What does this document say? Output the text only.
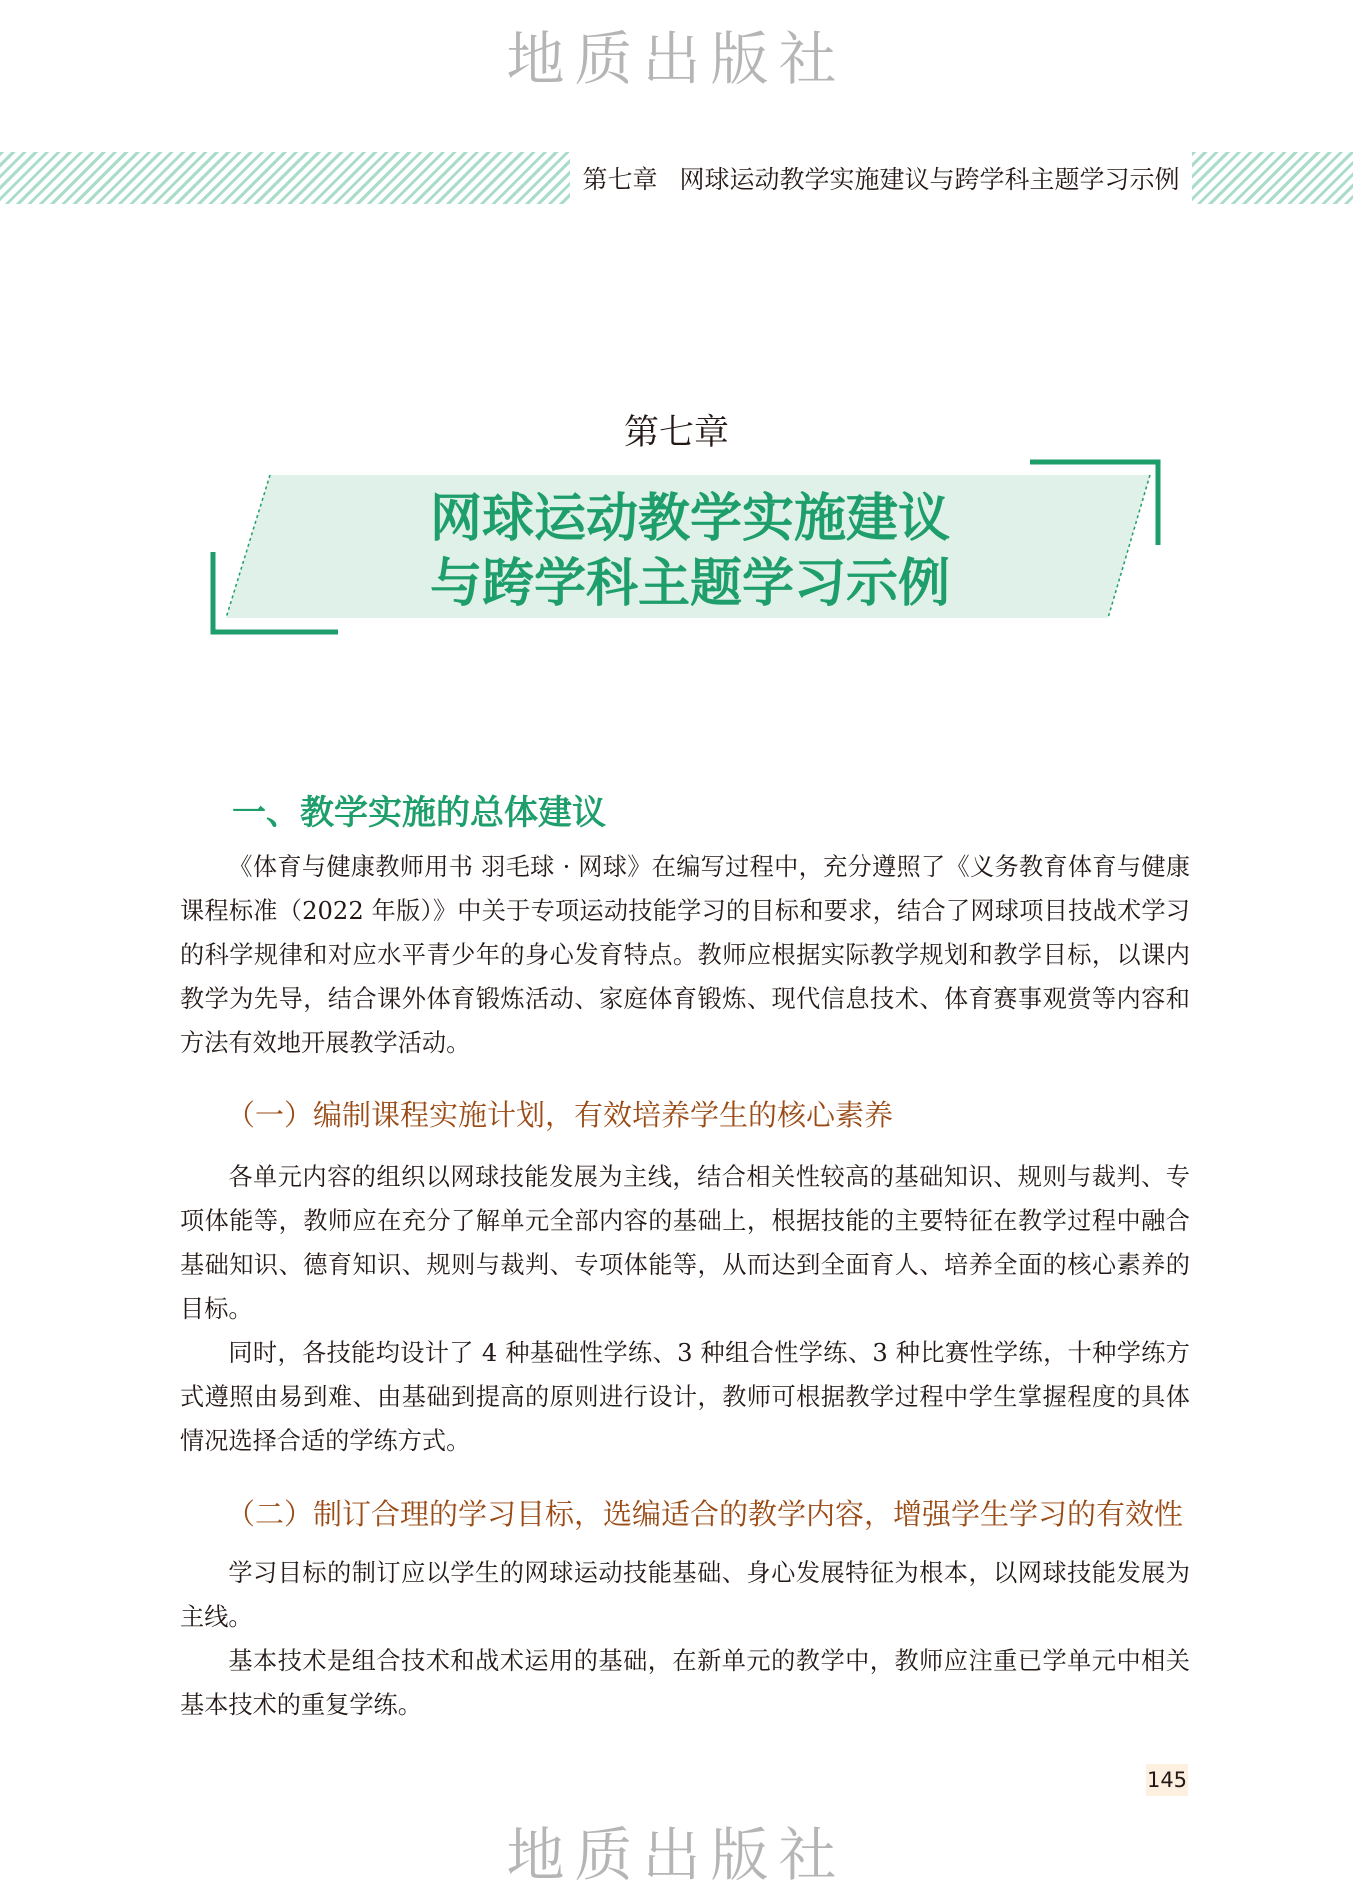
地质出版社
第七章 网球运动教学实施建议与跨学科主题学习示例
第七章
网球运动教学实施建议
与跨学科主题学习示例
一、教学实施的总体建议

《体育与健康教师用书 羽毛球 · 网球》在编写过程中，充分遵照了《义务教育体育与健康课程标准（2022 年版）》中关于专项运动技能学习的目标和要求，结合了网球项目技战术学习的科学规律和对应水平青少年的身心发育特点。教师应根据实际教学规划和教学目标，以课内教学为先导，结合课外体育锻炼活动、家庭体育锻炼、现代信息技术、体育赛事观赏等内容和方法有效地开展教学活动。

（一）编制课程实施计划，有效培养学生的核心素养

各单元内容的组织以网球技能发展为主线，结合相关性较高的基础知识、规则与裁判、专项体能等，教师应在充分了解单元全部内容的基础上，根据技能的主要特征在教学过程中融合基础知识、德育知识、规则与裁判、专项体能等，从而达到全面育人、培养全面的核心素养的目标。

同时，各技能均设计了 4 种基础性学练、3 种组合性学练、3 种比赛性学练，十种学练方式遵照由易到难、由基础到提高的原则进行设计，教师可根据教学过程中学生掌握程度的具体情况选择合适的学练方式。

（二）制订合理的学习目标，选编适合的教学内容，增强学生学习的有效性

学习目标的制订应以学生的网球运动技能基础、身心发展特征为根本，以网球技能发展为主线。

基本技术是组合技术和战术运用的基础，在新单元的教学中，教师应注重已学单元中相关基本技术的重复学练。

145
地质出版社
